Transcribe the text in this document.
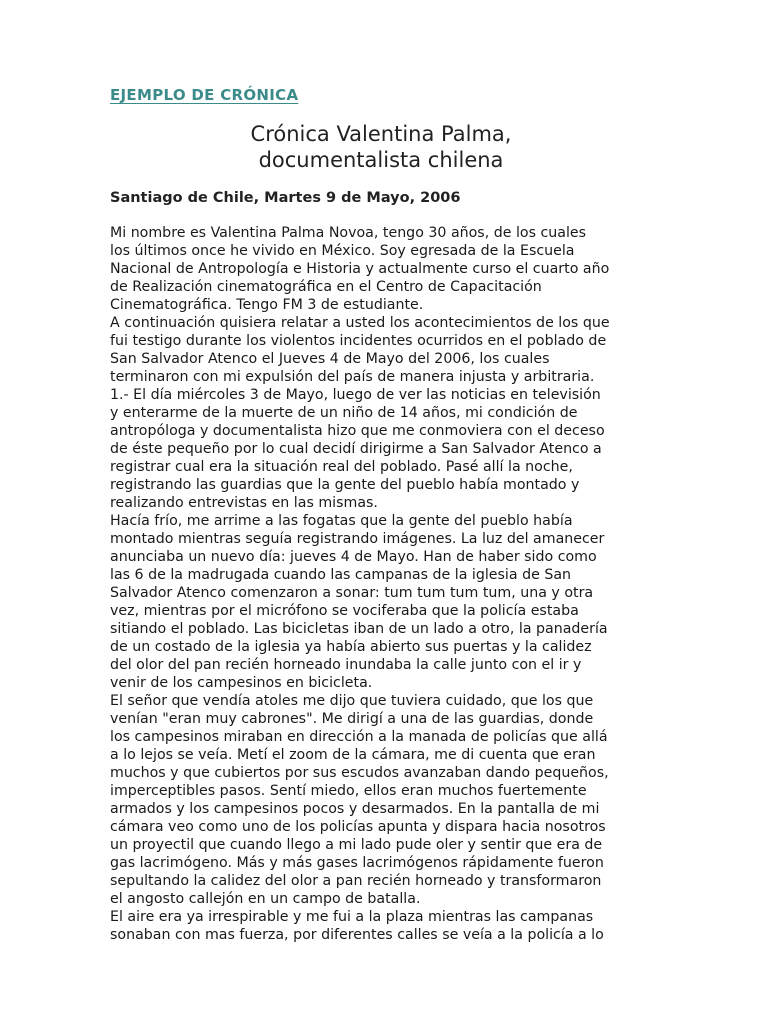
EJEMPLO DE CRÓNICA
Crónica Valentina Palma,
documentalista chilena
Santiago de Chile, Martes 9 de Mayo, 2006
Mi nombre es Valentina Palma Novoa, tengo 30 años, de los cuales
los últimos once he vivido en México. Soy egresada de la Escuela
Nacional de Antropología e Historia y actualmente curso el cuarto año
de Realización cinematográfica en el Centro de Capacitación
Cinematográfica. Tengo FM 3 de estudiante.
A continuación quisiera relatar a usted los acontecimientos de los que
fui testigo durante los violentos incidentes ocurridos en el poblado de
San Salvador Atenco el Jueves 4 de Mayo del 2006, los cuales
terminaron con mi expulsión del país de manera injusta y arbitraria.
1.- El día miércoles 3 de Mayo, luego de ver las noticias en televisión
y enterarme de la muerte de un niño de 14 años, mi condición de
antropóloga y documentalista hizo que me conmoviera con el deceso
de éste pequeño por lo cual decidí dirigirme a San Salvador Atenco a
registrar cual era la situación real del poblado. Pasé allí la noche,
registrando las guardias que la gente del pueblo había montado y
realizando entrevistas en las mismas.
Hacía frío, me arrime a las fogatas que la gente del pueblo había
montado mientras seguía registrando imágenes. La luz del amanecer
anunciaba un nuevo día: jueves 4 de Mayo. Han de haber sido como
las 6 de la madrugada cuando las campanas de la iglesia de San
Salvador Atenco comenzaron a sonar: tum tum tum tum, una y otra
vez, mientras por el micrófono se vociferaba que la policía estaba
sitiando el poblado. Las bicicletas iban de un lado a otro, la panadería
de un costado de la iglesia ya había abierto sus puertas y la calidez
del olor del pan recién horneado inundaba la calle junto con el ir y
venir de los campesinos en bicicleta.
El señor que vendía atoles me dijo que tuviera cuidado, que los que
venían "eran muy cabrones". Me dirigí a una de las guardias, donde
los campesinos miraban en dirección a la manada de policías que allá
a lo lejos se veía. Metí el zoom de la cámara, me di cuenta que eran
muchos y que cubiertos por sus escudos avanzaban dando pequeños,
imperceptibles pasos. Sentí miedo, ellos eran muchos fuertemente
armados y los campesinos pocos y desarmados. En la pantalla de mi
cámara veo como uno de los policías apunta y dispara hacia nosotros
un proyectil que cuando llego a mi lado pude oler y sentir que era de
gas lacrimógeno. Más y más gases lacrimógenos rápidamente fueron
sepultando la calidez del olor a pan recién horneado y transformaron
el angosto callejón en un campo de batalla.
El aire era ya irrespirable y me fui a la plaza mientras las campanas
sonaban con mas fuerza, por diferentes calles se veía a la policía a lo
